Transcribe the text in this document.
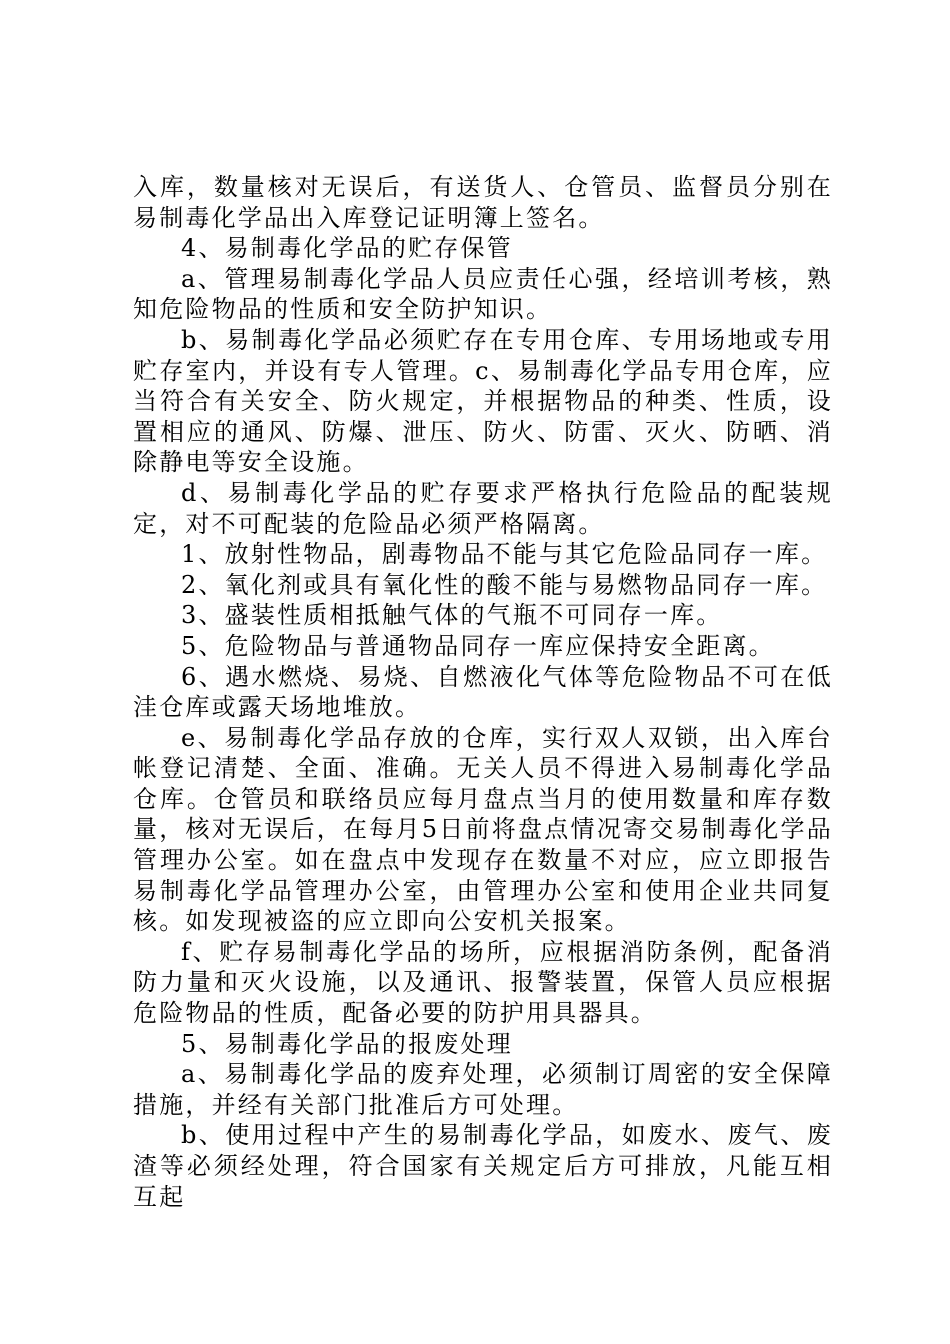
入库，数量核对无误后，有送货人、仓管员、监督员分别在易制毒化学品出入库登记证明簿上签名。

4、易制毒化学品的贮存保管

a、管理易制毒化学品人员应责任心强，经培训考核，熟知危险物品的性质和安全防护知识。

b、易制毒化学品必须贮存在专用仓库、专用场地或专用贮存室内，并设有专人管理。c、易制毒化学品专用仓库，应当符合有关安全、防火规定，并根据物品的种类、性质，设置相应的通风、防爆、泄压、防火、防雷、灭火、防晒、消除静电等安全设施。

d、易制毒化学品的贮存要求严格执行危险品的配装规定，对不可配装的危险品必须严格隔离。

1、放射性物品，剧毒物品不能与其它危险品同存一库。

2、氧化剂或具有氧化性的酸不能与易燃物品同存一库。

3、盛装性质相抵触气体的气瓶不可同存一库。

5、危险物品与普通物品同存一库应保持安全距离。

6、遇水燃烧、易烧、自燃液化气体等危险物品不可在低洼仓库或露天场地堆放。

e、易制毒化学品存放的仓库，实行双人双锁，出入库台帐登记清楚、全面、准确。无关人员不得进入易制毒化学品仓库。仓管员和联络员应每月盘点当月的使用数量和库存数量，核对无误后，在每月5日前将盘点情况寄交易制毒化学品管理办公室。如在盘点中发现存在数量不对应，应立即报告易制毒化学品管理办公室，由管理办公室和使用企业共同复核。如发现被盗的应立即向公安机关报案。

f、贮存易制毒化学品的场所，应根据消防条例，配备消防力量和灭火设施，以及通讯、报警装置，保管人员应根据危险物品的性质，配备必要的防护用具器具。

5、易制毒化学品的报废处理

a、易制毒化学品的废弃处理，必须制订周密的安全保障措施，并经有关部门批准后方可处理。

b、使用过程中产生的易制毒化学品，如废水、废气、废渣等必须经处理，符合国家有关规定后方可排放，凡能互相互起
